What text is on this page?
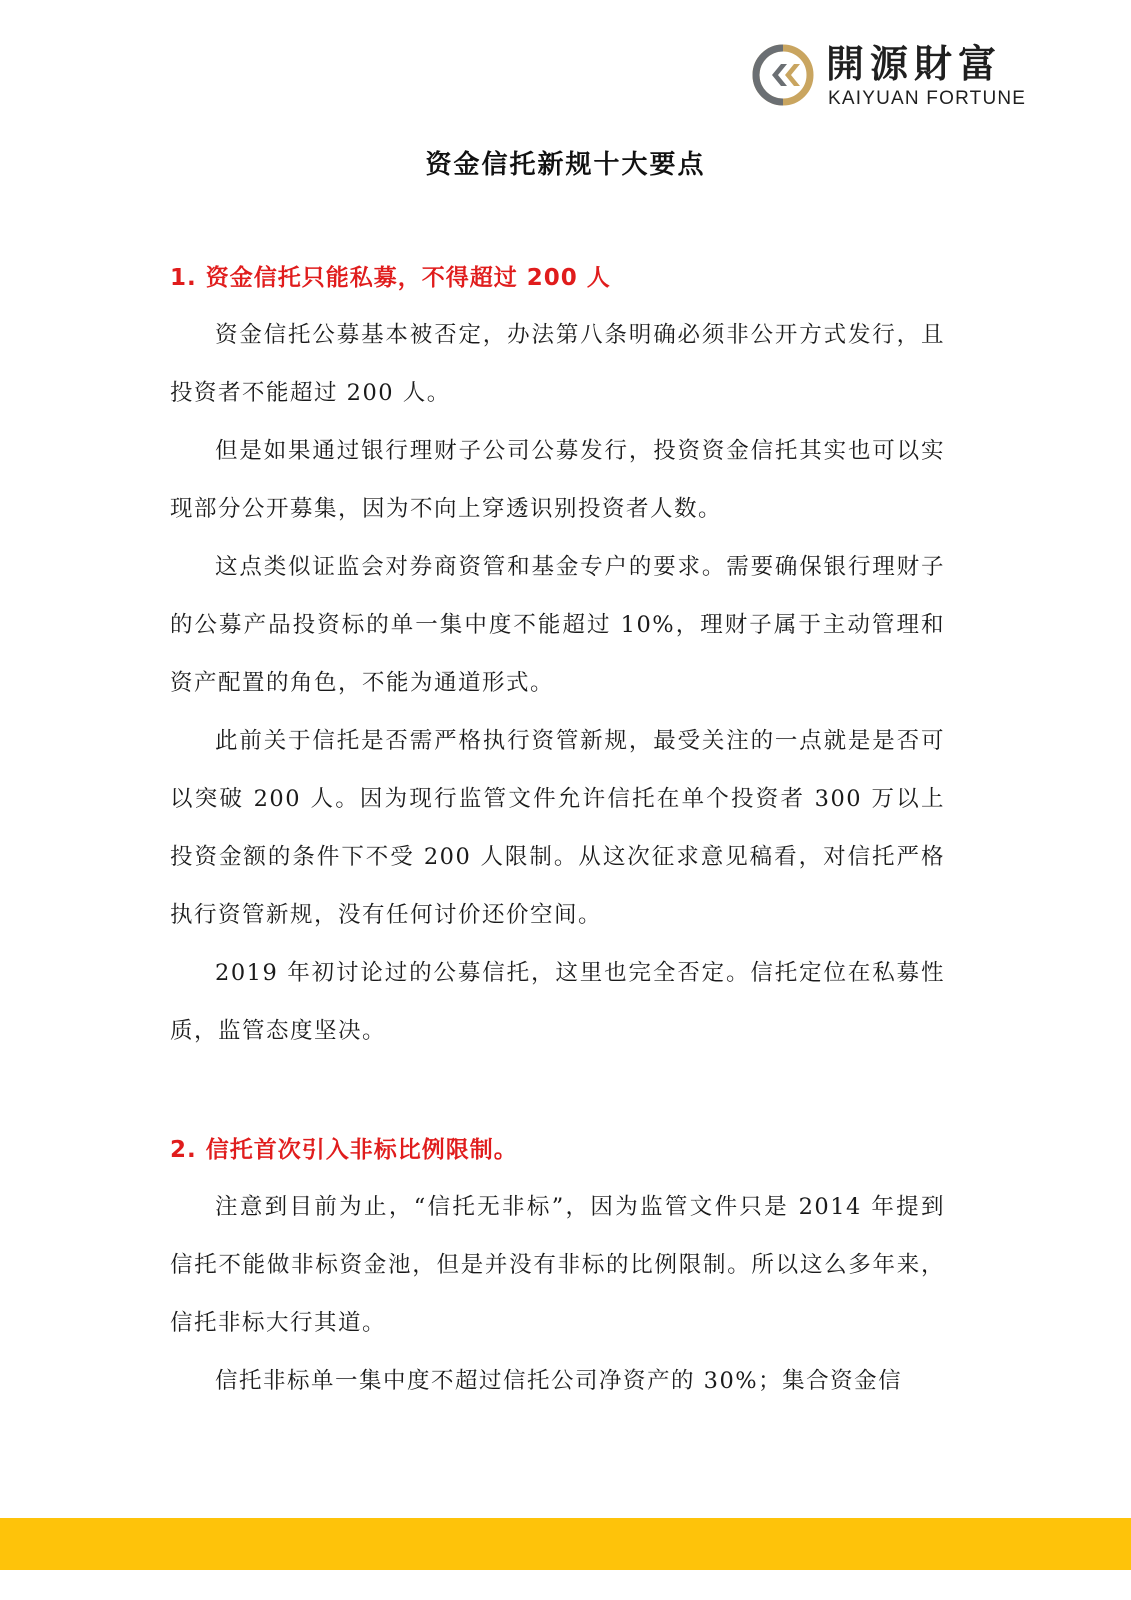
開源財富
KAIYUAN FORTUNE
资金信托新规十大要点
1. 资金信托只能私募，不得超过 200 人

资金信托公募基本被否定，办法第八条明确必须非公开方式发行，且投资者不能超过 200 人。

但是如果通过银行理财子公司公募发行，投资资金信托其实也可以实现部分公开募集，因为不向上穿透识别投资者人数。

这点类似证监会对券商资管和基金专户的要求。需要确保银行理财子的公募产品投资标的单一集中度不能超过 10%，理财子属于主动管理和资产配置的角色，不能为通道形式。

此前关于信托是否需严格执行资管新规，最受关注的一点就是是否可以突破 200 人。因为现行监管文件允许信托在单个投资者 300 万以上投资金额的条件下不受 200 人限制。从这次征求意见稿看，对信托严格执行资管新规，没有任何讨价还价空间。

2019 年初讨论过的公募信托，这里也完全否定。信托定位在私募性质，监管态度坚决。

2. 信托首次引入非标比例限制。

注意到目前为止，“信托无非标”，因为监管文件只是 2014 年提到信托不能做非标资金池，但是并没有非标的比例限制。所以这么多年来，信托非标大行其道。

信托非标单一集中度不超过信托公司净资产的 30%；集合资金信
